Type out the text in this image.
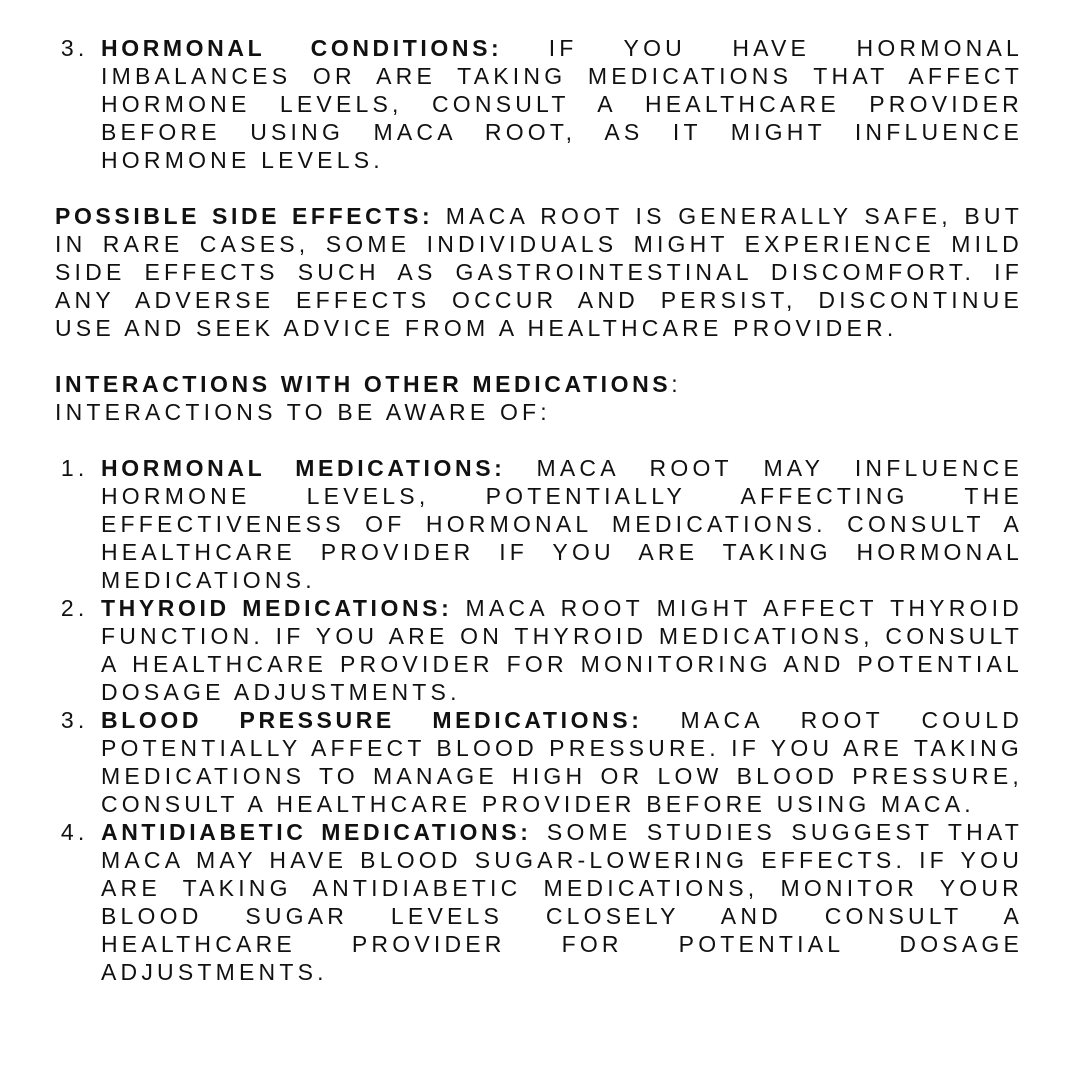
3. HORMONAL CONDITIONS: IF YOU HAVE HORMONAL IMBALANCES OR ARE TAKING MEDICATIONS THAT AFFECT HORMONE LEVELS, CONSULT A HEALTHCARE PROVIDER BEFORE USING MACA ROOT, AS IT MIGHT INFLUENCE HORMONE LEVELS.

POSSIBLE SIDE EFFECTS: MACA ROOT IS GENERALLY SAFE, BUT IN RARE CASES, SOME INDIVIDUALS MIGHT EXPERIENCE MILD SIDE EFFECTS SUCH AS GASTROINTESTINAL DISCOMFORT. IF ANY ADVERSE EFFECTS OCCUR AND PERSIST, DISCONTINUE USE AND SEEK ADVICE FROM A HEALTHCARE PROVIDER.

INTERACTIONS WITH OTHER MEDICATIONS:
INTERACTIONS TO BE AWARE OF:

1. HORMONAL MEDICATIONS: MACA ROOT MAY INFLUENCE HORMONE LEVELS, POTENTIALLY AFFECTING THE EFFECTIVENESS OF HORMONAL MEDICATIONS. CONSULT A HEALTHCARE PROVIDER IF YOU ARE TAKING HORMONAL MEDICATIONS.
2. THYROID MEDICATIONS: MACA ROOT MIGHT AFFECT THYROID FUNCTION. IF YOU ARE ON THYROID MEDICATIONS, CONSULT A HEALTHCARE PROVIDER FOR MONITORING AND POTENTIAL DOSAGE ADJUSTMENTS.
3. BLOOD PRESSURE MEDICATIONS: MACA ROOT COULD POTENTIALLY AFFECT BLOOD PRESSURE. IF YOU ARE TAKING MEDICATIONS TO MANAGE HIGH OR LOW BLOOD PRESSURE, CONSULT A HEALTHCARE PROVIDER BEFORE USING MACA.
4. ANTIDIABETIC MEDICATIONS: SOME STUDIES SUGGEST THAT MACA MAY HAVE BLOOD SUGAR-LOWERING EFFECTS. IF YOU ARE TAKING ANTIDIABETIC MEDICATIONS, MONITOR YOUR BLOOD SUGAR LEVELS CLOSELY AND CONSULT A HEALTHCARE PROVIDER FOR POTENTIAL DOSAGE ADJUSTMENTS.
